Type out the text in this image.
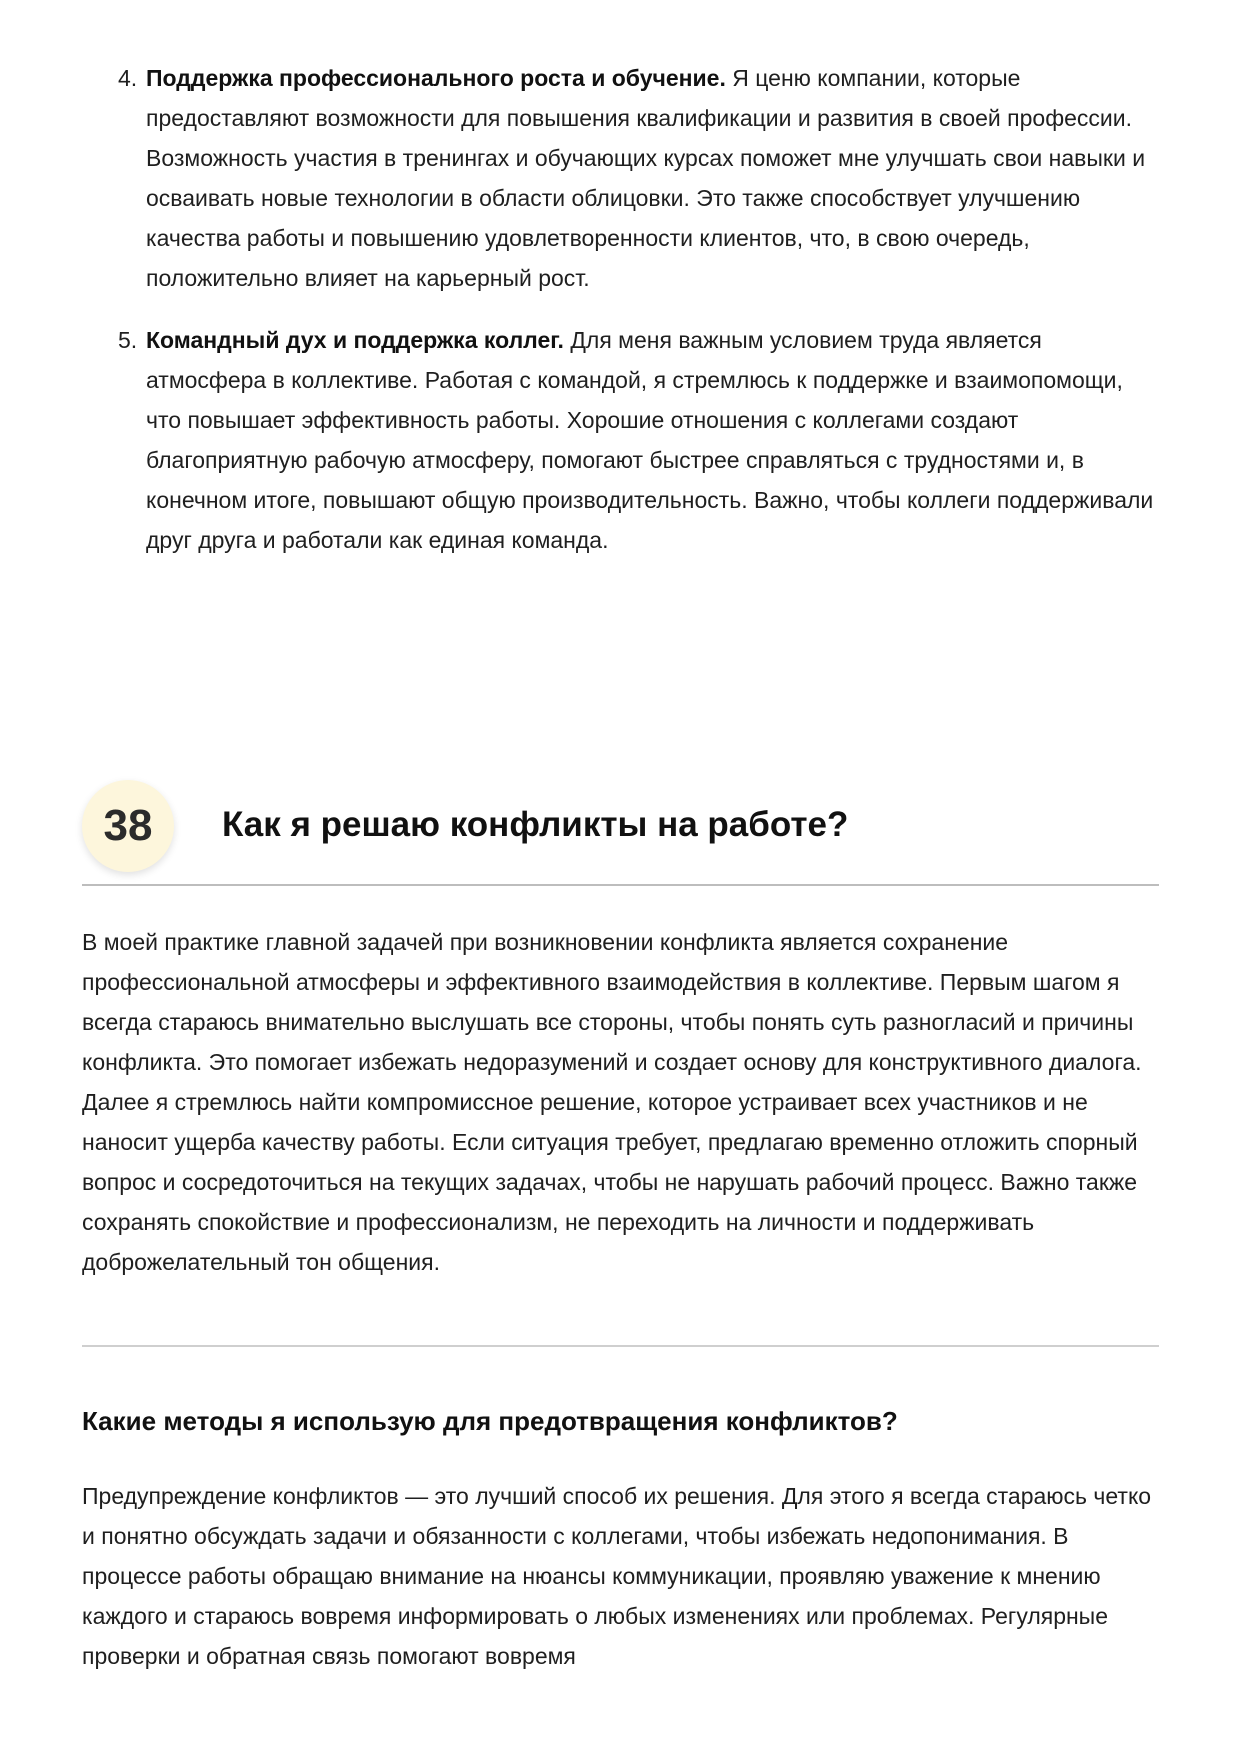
4. Поддержка профессионального роста и обучение. Я ценю компании, которые предоставляют возможности для повышения квалификации и развития в своей профессии. Возможность участия в тренингах и обучающих курсах поможет мне улучшать свои навыки и осваивать новые технологии в области облицовки. Это также способствует улучшению качества работы и повышению удовлетворенности клиентов, что, в свою очередь, положительно влияет на карьерный рост.
5. Командный дух и поддержка коллег. Для меня важным условием труда является атмосфера в коллективе. Работая с командой, я стремлюсь к поддержке и взаимопомощи, что повышает эффективность работы. Хорошие отношения с коллегами создают благоприятную рабочую атмосферу, помогают быстрее справляться с трудностями и, в конечном итоге, повышают общую производительность. Важно, чтобы коллеги поддерживали друг друга и работали как единая команда.
38	Как я решаю конфликты на работе?

В моей практике главной задачей при возникновении конфликта является сохранение профессиональной атмосферы и эффективного взаимодействия в коллективе. Первым шагом я всегда стараюсь внимательно выслушать все стороны, чтобы понять суть разногласий и причины конфликта. Это помогает избежать недоразумений и создает основу для конструктивного диалога. Далее я стремлюсь найти компромиссное решение, которое устраивает всех участников и не наносит ущерба качеству работы. Если ситуация требует, предлагаю временно отложить спорный вопрос и сосредоточиться на текущих задачах, чтобы не нарушать рабочий процесс. Важно также сохранять спокойствие и профессионализм, не переходить на личности и поддерживать доброжелательный тон общения.

Какие методы я использую для предотвращения конфликтов?

Предупреждение конфликтов — это лучший способ их решения. Для этого я всегда стараюсь четко и понятно обсуждать задачи и обязанности с коллегами, чтобы избежать недопонимания. В процессе работы обращаю внимание на нюансы коммуникации, проявляю уважение к мнению каждого и стараюсь вовремя информировать о любых изменениях или проблемах. Регулярные проверки и обратная связь помогают вовремя
